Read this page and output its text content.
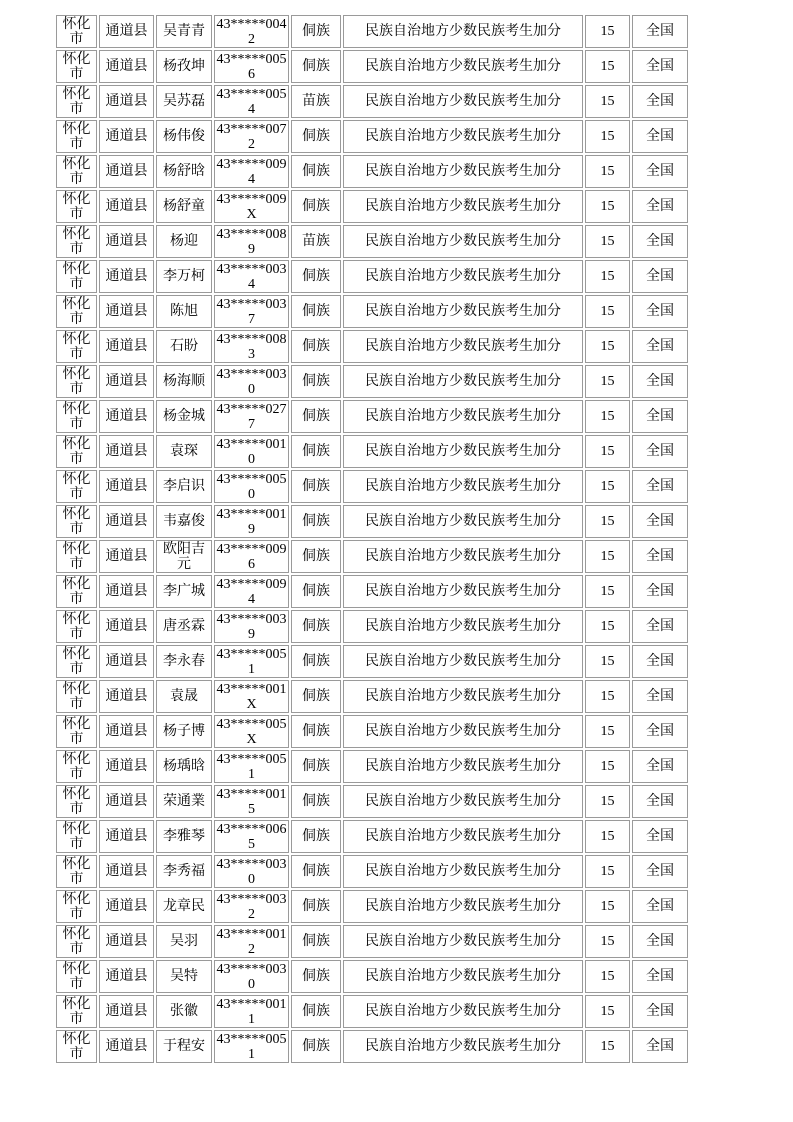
怀化市	通道县	吴青青	43*****0042	侗族	民族自治地方少数民族考生加分	15	全国
怀化市	通道县	杨孜坤	43*****0056	侗族	民族自治地方少数民族考生加分	15	全国
怀化市	通道县	吴苏磊	43*****0054	苗族	民族自治地方少数民族考生加分	15	全国
怀化市	通道县	杨伟俊	43*****0072	侗族	民族自治地方少数民族考生加分	15	全国
怀化市	通道县	杨舒晗	43*****0094	侗族	民族自治地方少数民族考生加分	15	全国
怀化市	通道县	杨舒童	43*****009X	侗族	民族自治地方少数民族考生加分	15	全国
怀化市	通道县	杨迎	43*****0089	苗族	民族自治地方少数民族考生加分	15	全国
怀化市	通道县	李万柯	43*****0034	侗族	民族自治地方少数民族考生加分	15	全国
怀化市	通道县	陈旭	43*****0037	侗族	民族自治地方少数民族考生加分	15	全国
怀化市	通道县	石盼	43*****0083	侗族	民族自治地方少数民族考生加分	15	全国
怀化市	通道县	杨海顺	43*****0030	侗族	民族自治地方少数民族考生加分	15	全国
怀化市	通道县	杨金城	43*****0277	侗族	民族自治地方少数民族考生加分	15	全国
怀化市	通道县	袁琛	43*****0010	侗族	民族自治地方少数民族考生加分	15	全国
怀化市	通道县	李启识	43*****0050	侗族	民族自治地方少数民族考生加分	15	全国
怀化市	通道县	韦嘉俊	43*****0019	侗族	民族自治地方少数民族考生加分	15	全国
怀化市	通道县	欧阳吉元	43*****0096	侗族	民族自治地方少数民族考生加分	15	全国
怀化市	通道县	李广城	43*****0094	侗族	民族自治地方少数民族考生加分	15	全国
怀化市	通道县	唐丞霖	43*****0039	侗族	民族自治地方少数民族考生加分	15	全国
怀化市	通道县	李永春	43*****0051	侗族	民族自治地方少数民族考生加分	15	全国
怀化市	通道县	袁晟	43*****001X	侗族	民族自治地方少数民族考生加分	15	全国
怀化市	通道县	杨子博	43*****005X	侗族	民族自治地方少数民族考生加分	15	全国
怀化市	通道县	杨瑀晗	43*****0051	侗族	民族自治地方少数民族考生加分	15	全国
怀化市	通道县	荣通業	43*****0015	侗族	民族自治地方少数民族考生加分	15	全国
怀化市	通道县	李雅琴	43*****0065	侗族	民族自治地方少数民族考生加分	15	全国
怀化市	通道县	李秀福	43*****0030	侗族	民族自治地方少数民族考生加分	15	全国
怀化市	通道县	龙章民	43*****0032	侗族	民族自治地方少数民族考生加分	15	全国
怀化市	通道县	吴羽	43*****0012	侗族	民族自治地方少数民族考生加分	15	全国
怀化市	通道县	吴特	43*****0030	侗族	民族自治地方少数民族考生加分	15	全国
怀化市	通道县	张徽	43*****0011	侗族	民族自治地方少数民族考生加分	15	全国
怀化市	通道县	于程安	43*****0051	侗族	民族自治地方少数民族考生加分	15	全国
